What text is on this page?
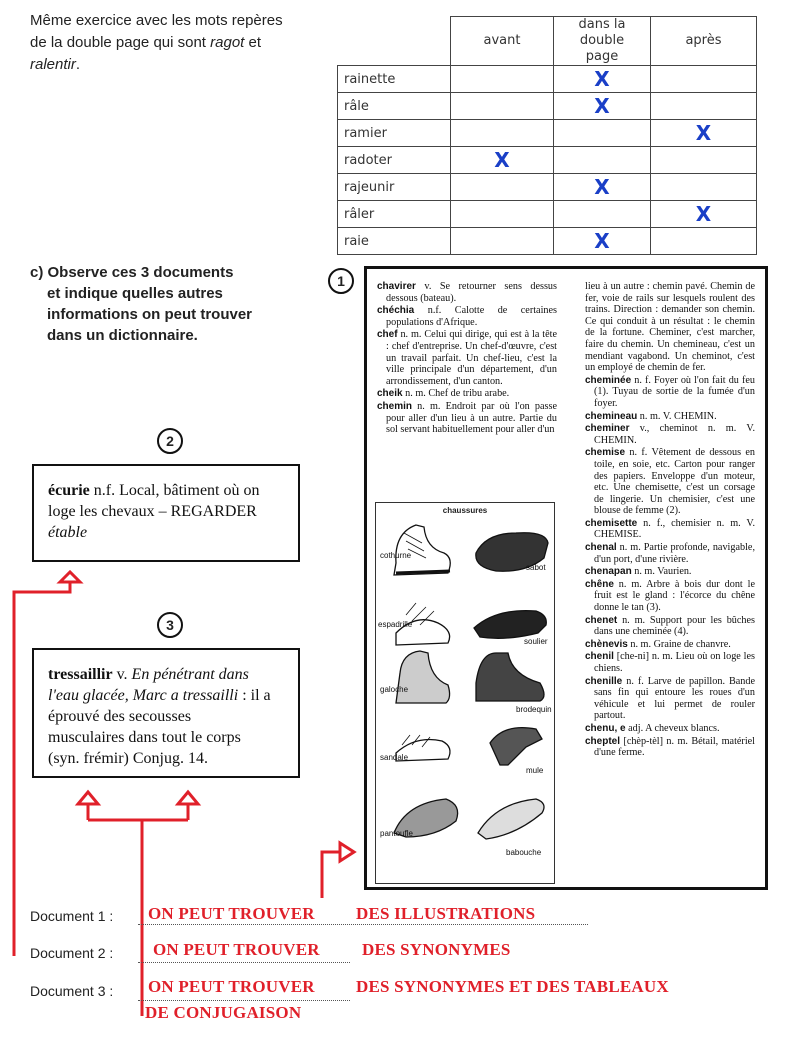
Même exercice avec les mots repères
de la double page qui sont ragot et
ralentir.
	avant	dans la double page	après
rainette		X	
râle		X	
ramier			X
radoter	X		
rajeunir		X	
râler			X
raie		X	
c) Observe ces 3 documents
et indique quelles autres
informations on peut trouver
dans un dictionnaire.
1
2
3
écurie n.f. Local, bâtiment où on
loge les chevaux – REGARDER
étable
tressaillir v. En pénétrant dans
l'eau glacée, Marc a tressailli : il a éprouvé des secousses
musculaires dans tout le corps
(syn. frémir) Conjug. 14.

chavirer v. Se retourner sens dessus dessous (bateau).

chéchia n.f. Calotte de certaines populations d'Afrique.

chef n. m. Celui qui dirige, qui est à la tête : chef d'entreprise. Un chef-d'œuvre, c'est un travail parfait. Un chef-lieu, c'est la ville principale d'un département, d'un arrondissement, d'un canton.

cheik n. m. Chef de tribu arabe.

chemin n. m. Endroit par où l'on passe pour aller d'un lieu à un autre. Partie du sol servant habituellement pour aller d'un

lieu à un autre : chemin pavé. Chemin de fer, voie de rails sur lesquels roulent des trains. Direction : demander son chemin. Ce qui conduit à un résultat : le chemin de la fortune. Cheminer, c'est marcher, faire du chemin. Un chemineau, c'est un mendiant vagabond. Un cheminot, c'est un employé de chemin de fer.

cheminée n. f. Foyer où l'on fait du feu (1). Tuyau de sortie de la fumée d'un foyer.

chemineau n. m. V. CHEMIN.

cheminer v., cheminot n. m. V. CHEMIN.

chemise n. f. Vêtement de dessous en toile, en soie, etc. Carton pour ranger des papiers. Enveloppe d'un moteur, etc. Une chemisette, c'est un corsage de lingerie. Un chemisier, c'est une blouse de femme (2).

chemisette n. f., chemisier n. m. V. CHEMISE.

chenal n. m. Partie profonde, navigable, d'un port, d'une rivière.

chenapan n. m. Vaurien.

chêne n. m. Arbre à bois dur dont le fruit est le gland : l'écorce du chêne donne le tan (3).

chenet n. m. Support pour les bûches dans une cheminée (4).

chènevis n. m. Graine de chanvre.

chenil [che-ni] n. m. Lieu où on loge les chiens.

chenille n. f. Larve de papillon. Bande sans fin qui entoure les roues d'un véhicule et lui permet de rouler partout.

chenu, e adj. A cheveux blancs.

cheptel [chèp-tèl] n. m. Bétail, matériel d'une ferme.

chaussures
cothurne
sabot
espadrille
soulier
galoche
brodequin
sandale
mule
pantoufle
babouche
Document 1 :
Document 2 :
Document 3 :
ON PEUT TROUVER DES ILLUSTRATIONS
ON PEUT TROUVER DES SYNONYMES
ON PEUT TROUVER DES SYNONYMES ET DES TABLEAUX
DE CONJUGAISON
